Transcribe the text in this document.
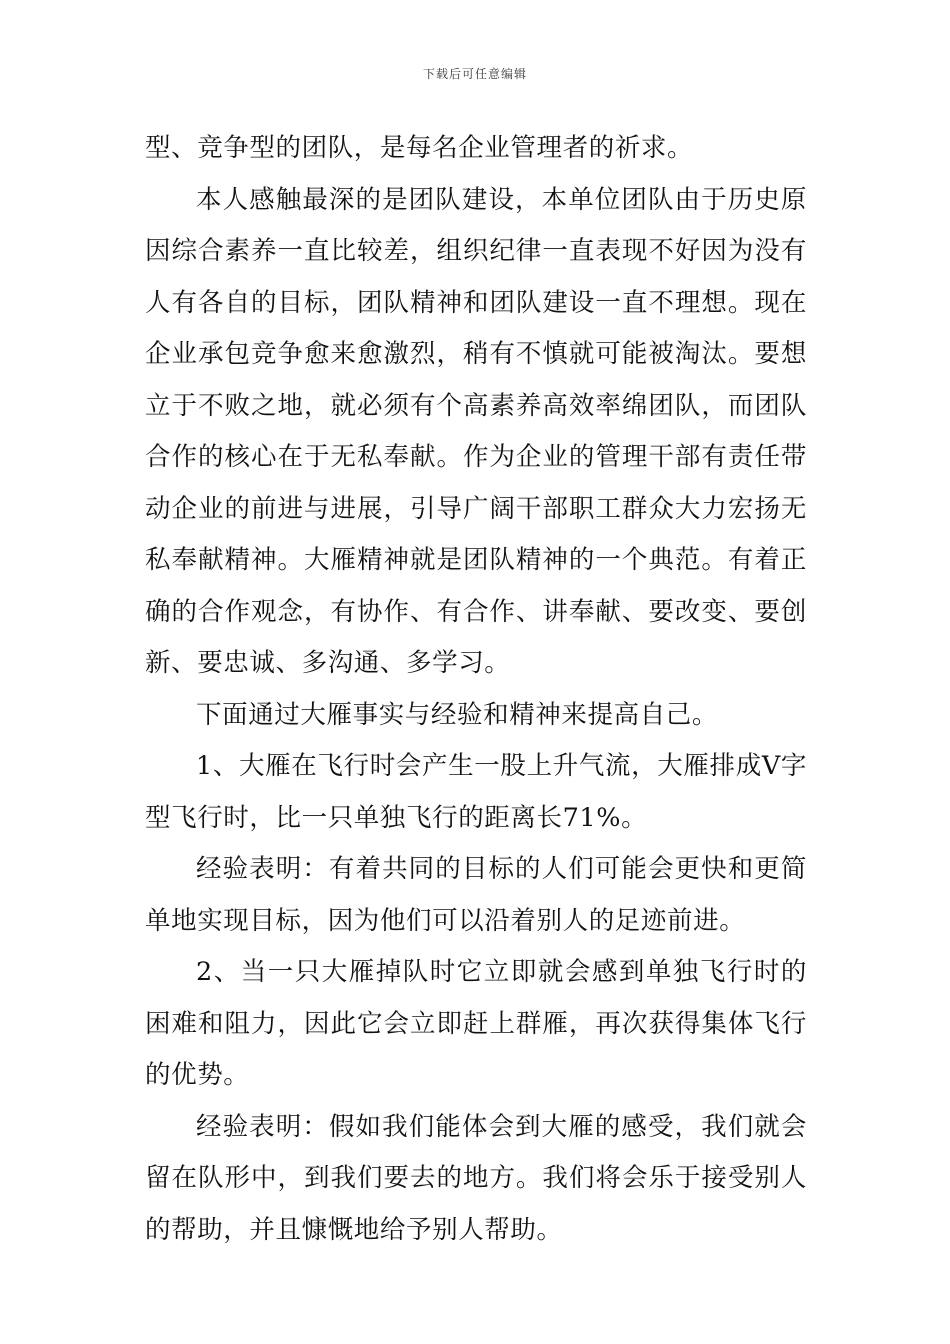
下载后可任意编辑

型、竞争型的团队，是每名企业管理者的祈求。

本人感触最深的是团队建设，本单位团队由于历史原因综合素养一直比较差，组织纪律一直表现不好因为没有人有各自的目标，团队精神和团队建设一直不理想。现在企业承包竞争愈来愈激烈，稍有不慎就可能被淘汰。要想立于不败之地，就必须有个高素养高效率绵团队，而团队合作的核心在于无私奉献。作为企业的管理干部有责任带动企业的前进与进展，引导广阔干部职工群众大力宏扬无私奉献精神。大雁精神就是团队精神的一个典范。有着正确的合作观念，有协作、有合作、讲奉献、要改变、要创新、要忠诚、多沟通、多学习。

下面通过大雁事实与经验和精神来提高自己。

1、大雁在飞行时会产生一股上升气流，大雁排成V字型飞行时，比一只单独飞行的距离长71%。

经验表明：有着共同的目标的人们可能会更快和更简单地实现目标，因为他们可以沿着别人的足迹前进。

2、当一只大雁掉队时它立即就会感到单独飞行时的困难和阻力，因此它会立即赶上群雁，再次获得集体飞行的优势。

经验表明：假如我们能体会到大雁的感受，我们就会留在队形中，到我们要去的地方。我们将会乐于接受别人的帮助，并且慷慨地给予别人帮助。
